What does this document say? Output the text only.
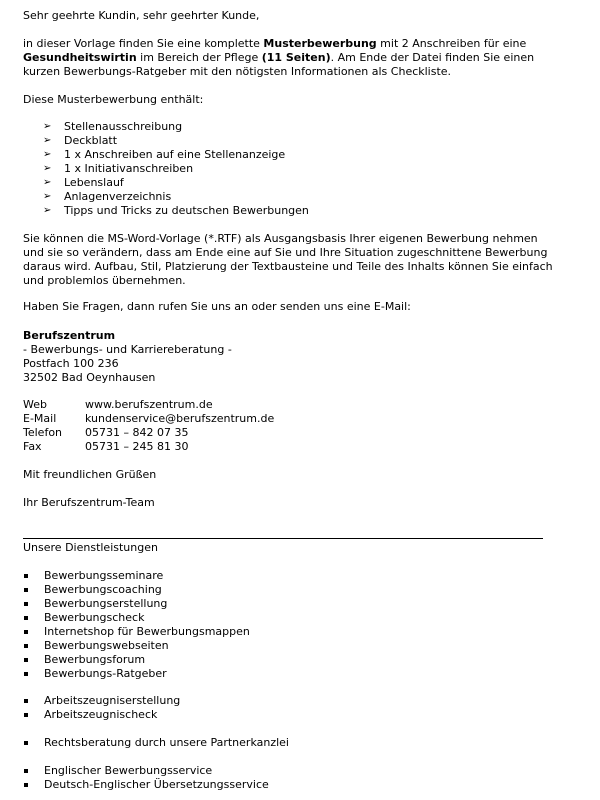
Sehr geehrte Kundin, sehr geehrter Kunde,

in dieser Vorlage finden Sie eine komplette Musterbewerbung mit 2 Anschreiben für eine Gesundheitswirtin im Bereich der Pflege (11 Seiten). Am Ende der Datei finden Sie einen kurzen Bewerbungs-Ratgeber mit den nötigsten Informationen als Checkliste.

Diese Musterbewerbung enthält:
➢ Stellenausschreibung
➢ Deckblatt
➢ 1 x Anschreiben auf eine Stellenanzeige
➢ 1 x Initiativanschreiben
➢ Lebenslauf
➢ Anlagenverzeichnis
➢ Tipps und Tricks zu deutschen Bewerbungen
Sie können die MS-Word-Vorlage (*.RTF) als Ausgangsbasis Ihrer eigenen Bewerbung nehmen und sie so verändern, dass am Ende eine auf Sie und Ihre Situation zugeschnittene Bewerbung daraus wird. Aufbau, Stil, Platzierung der Textbausteine und Teile des Inhalts können Sie einfach und problemlos übernehmen.
Haben Sie Fragen, dann rufen Sie uns an oder senden uns eine E-Mail:
Berufszentrum
- Bewerbungs- und Karriereberatung -
Postfach 100 236
32502 Bad Oeynhausen
Web	www.berufszentrum.de
E-Mail	kundenservice@berufszentrum.de
Telefon	05731 – 842 07 35
Fax	05731 – 245 81 30
Mit freundlichen Grüßen
Ihr Berufszentrum-Team
Unsere Dienstleistungen
Bewerbungsseminare
Bewerbungscoaching
Bewerbungserstellung
Bewerbungscheck
Internetshop für Bewerbungsmappen
Bewerbungswebseiten
Bewerbungsforum
Bewerbungs-Ratgeber
Arbeitszeugniserstellung
Arbeitszeugnischeck
Rechtsberatung durch unsere Partnerkanzlei
Englischer Bewerbungsservice
Deutsch-Englischer Übersetzungsservice
